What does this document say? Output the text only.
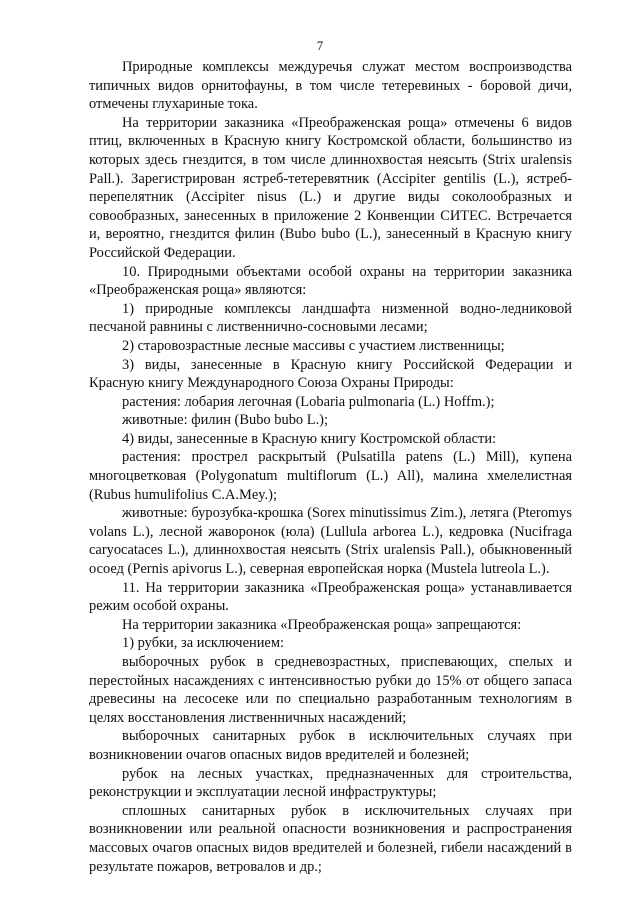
7

Природные комплексы междуречья служат местом воспроизводства типичных видов орнитофауны, в том числе тетеревиных - боровой дичи, отмечены глухариные тока.

На территории заказника «Преображенская роща» отмечены 6 видов птиц, включенных в Красную книгу Костромской области, большинство из которых здесь гнездится, в том числе длиннохвостая неясыть (Strix uralensis Pall.). Зарегистрирован ястреб-тетеревятник (Accipiter gentilis (L.), ястреб-перепелятник (Accipiter nisus (L.) и другие виды соколообразных и совообразных, занесенных в приложение 2 Конвенции СИТЕС. Встречается и, вероятно, гнездится филин (Bubo bubo (L.), занесенный в Красную книгу Российской Федерации.

10. Природными объектами особой охраны на территории заказника «Преображенская роща» являются:

1) природные комплексы ландшафта низменной водно-ледниковой песчаной равнины с лиственнично-сосновыми лесами;

2) старовозрастные лесные массивы с участием лиственницы;

3) виды, занесенные в Красную книгу Российской Федерации и Красную книгу Международного Союза Охраны Природы:

растения: лобария легочная (Lobaria pulmonaria (L.) Hoffm.);

животные: филин (Bubo bubo L.);

4) виды, занесенные в Красную книгу Костромской области:

растения: прострел раскрытый (Pulsatilla patens (L.) Mill), купена многоцветковая (Polygonatum multiflorum (L.) All), малина хмелелистная (Rubus humulifolius C.A.Mey.);

животные: бурозубка-крошка (Sorex minutissimus Zim.), летяга (Pteromys volans L.), лесной жаворонок (юла) (Lullula arborea L.), кедровка (Nucifraga caryocataces L.), длиннохвостая неясыть (Strix uralensis Pall.), обыкновенный осоед (Pernis apivorus L.), северная европейская норка (Mustela lutreola L.).

11. На территории заказника «Преображенская роща» устанавливается режим особой охраны.

На территории заказника «Преображенская роща» запрещаются:

1) рубки, за исключением:

выборочных рубок в средневозрастных, приспевающих, спелых и перестойных насаждениях с интенсивностью рубки до 15% от общего запаса древесины на лесосеке или по специально разработанным технологиям в целях восстановления лиственничных насаждений;

выборочных санитарных рубок в исключительных случаях при возникновении очагов опасных видов вредителей и болезней;

рубок на лесных участках, предназначенных для строительства, реконструкции и эксплуатации лесной инфраструктуры;

сплошных санитарных рубок в исключительных случаях при возникновении или реальной опасности возникновения и распространения массовых очагов опасных видов вредителей и болезней, гибели насаждений в результате пожаров, ветровалов и др.;
